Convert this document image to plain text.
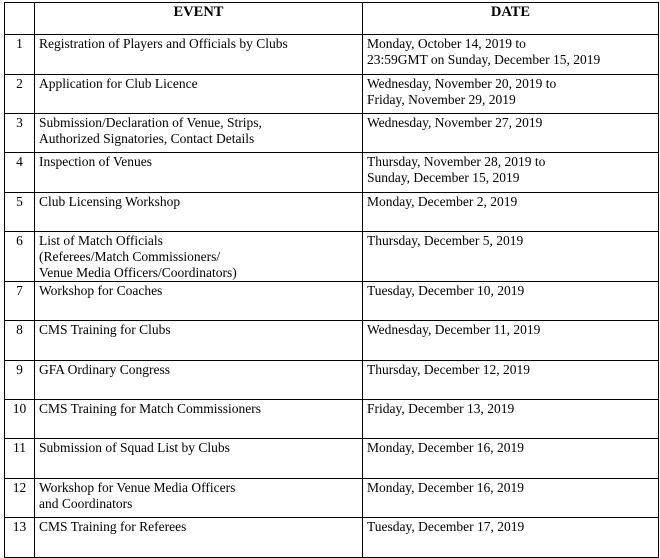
	EVENT	DATE
1	Registration of Players and Officials by Clubs	Monday, October 14, 2019 to
23:59GMT on Sunday, December 15, 2019
2	Application for Club Licence	Wednesday, November 20, 2019 to
Friday, November 29, 2019
3	Submission/Declaration of Venue, Strips,
Authorized Signatories, Contact Details	Wednesday, November 27, 2019
4	Inspection of Venues	Thursday, November 28, 2019 to
Sunday, December 15, 2019
5	Club Licensing Workshop	Monday, December 2, 2019
6	List of Match Officials
(Referees/Match Commissioners/
Venue Media Officers/Coordinators)	Thursday, December 5, 2019
7	Workshop for Coaches	Tuesday, December 10, 2019
8	CMS Training for Clubs	Wednesday, December 11, 2019
9	GFA Ordinary Congress	Thursday, December 12, 2019
10	CMS Training for Match Commissioners	Friday, December 13, 2019
11	Submission of Squad List by Clubs	Monday, December 16, 2019
12	Workshop for Venue Media Officers
and Coordinators	Monday, December 16, 2019
13	CMS Training for Referees	Tuesday, December 17, 2019
